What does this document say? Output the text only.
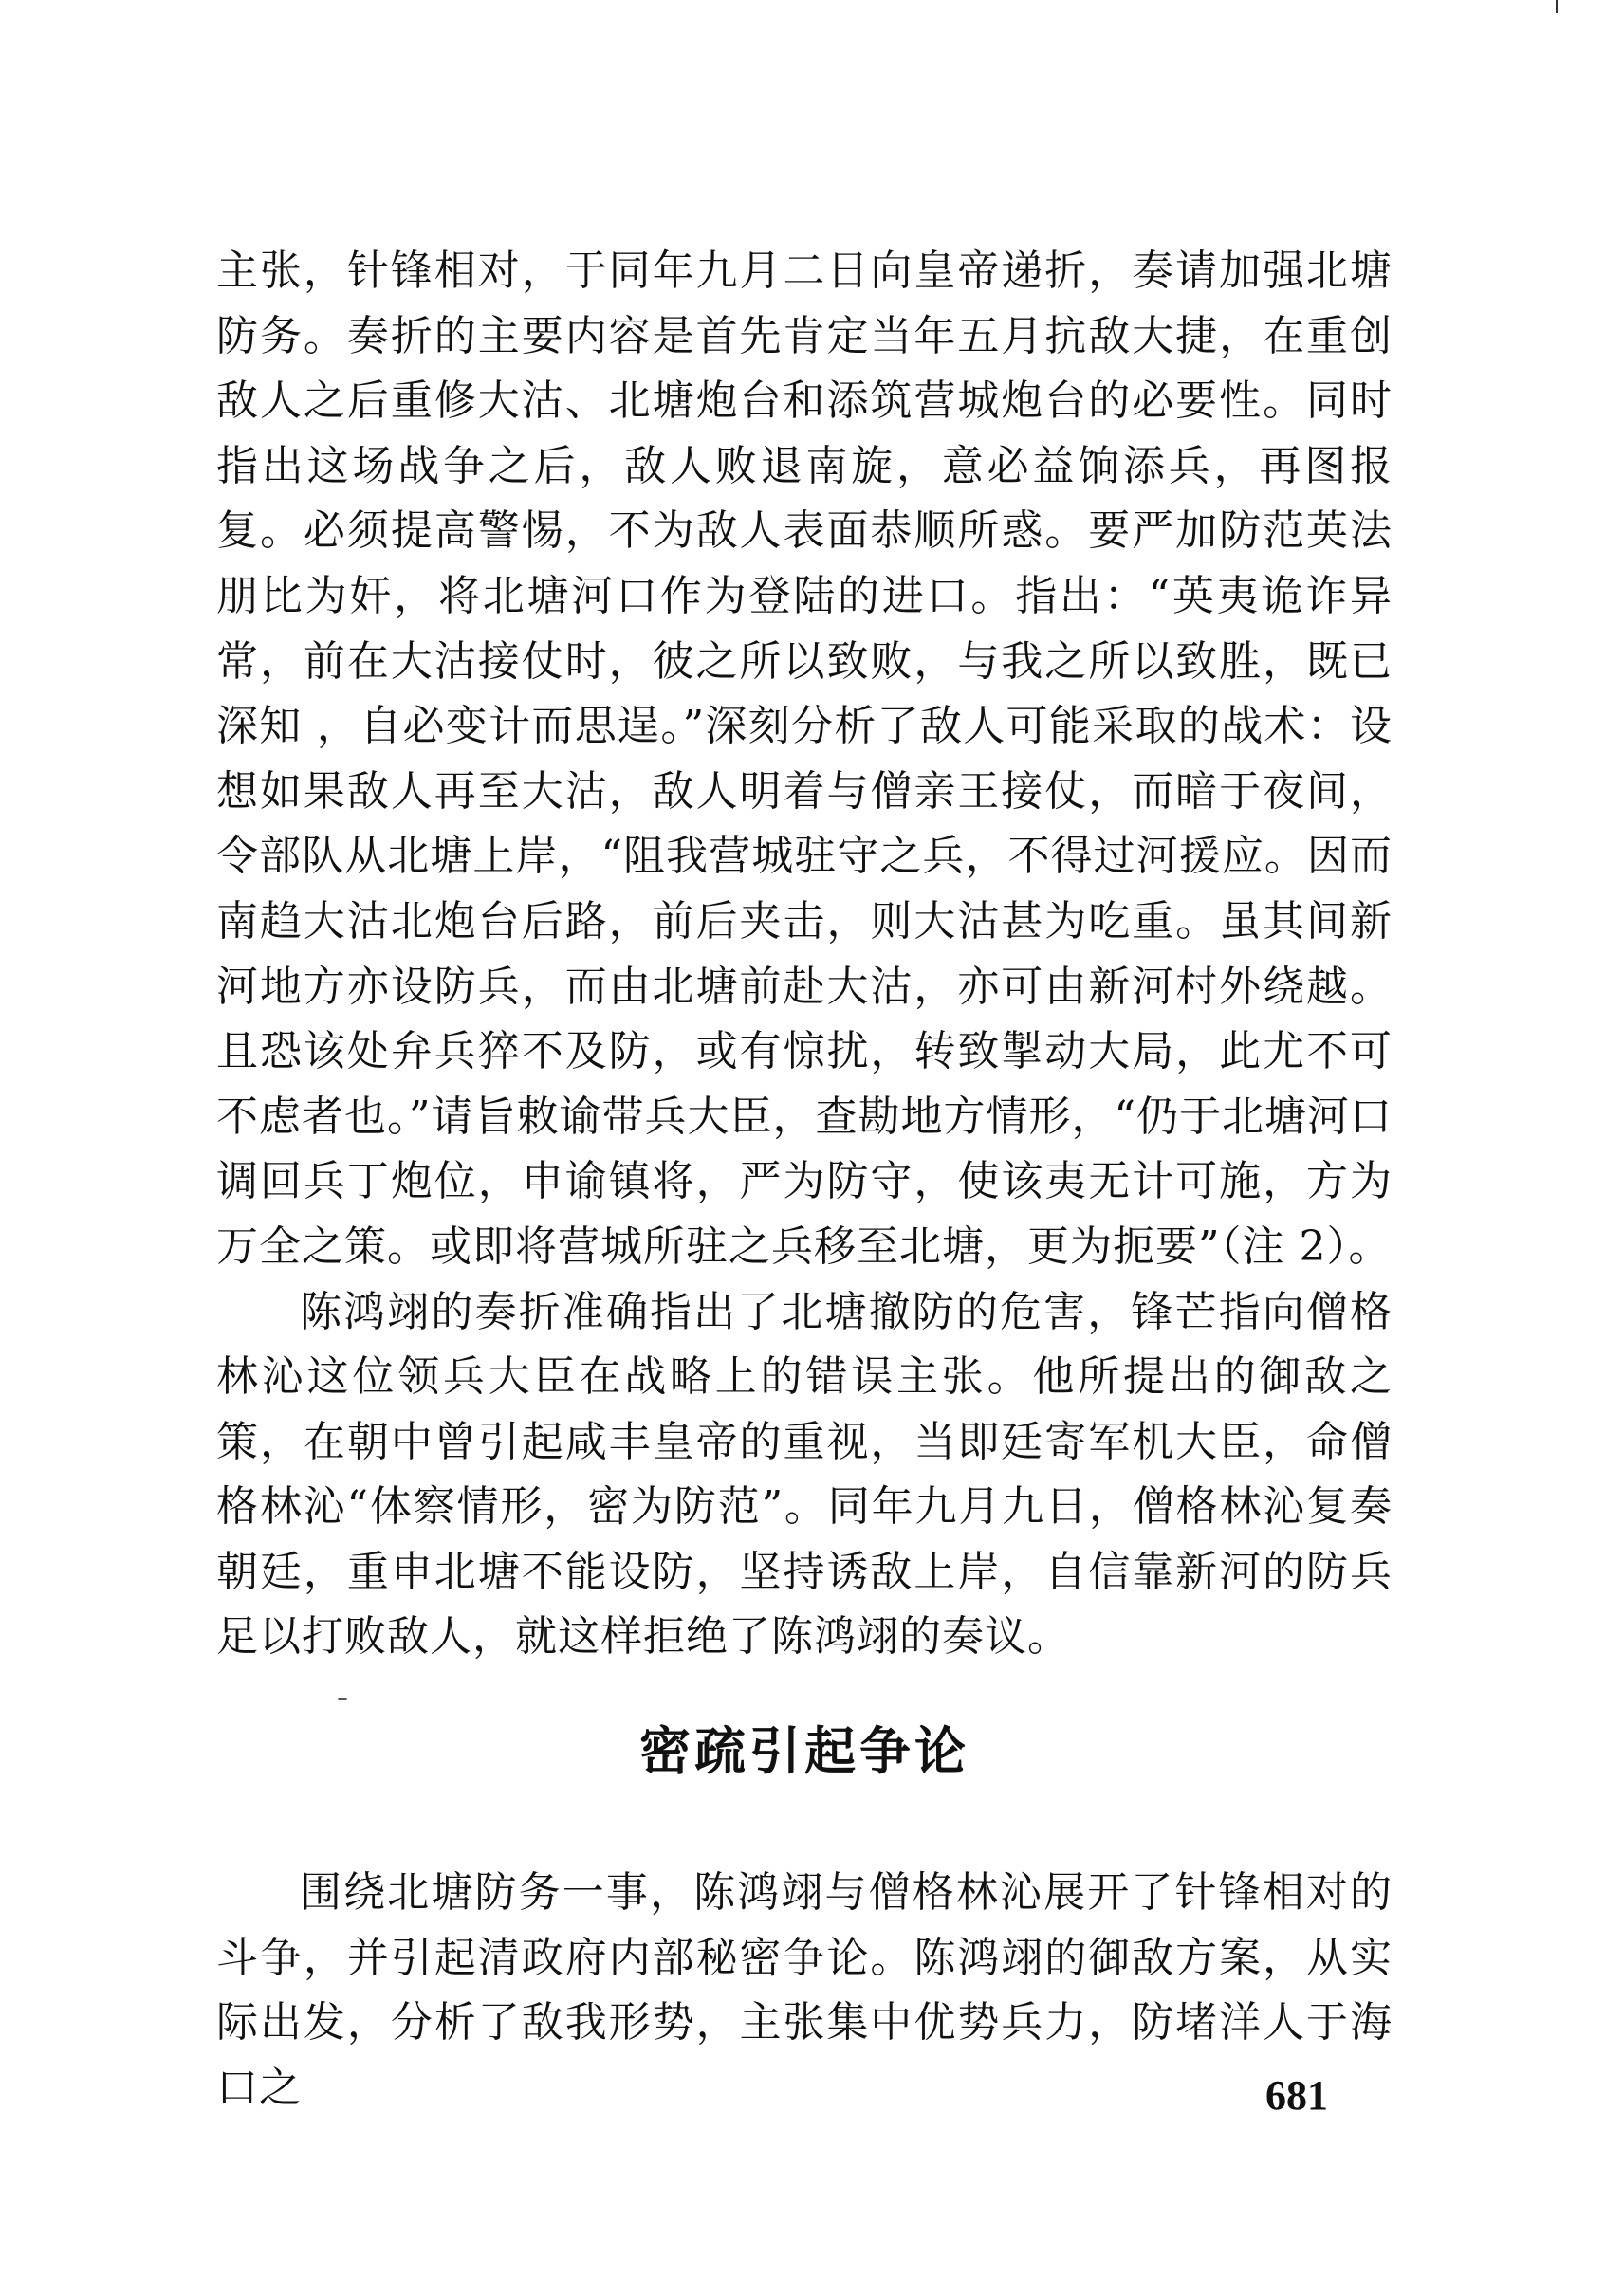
主张，针锋相对，于同年九月二日向皇帝递折，奏请加强北塘防务。奏折的主要内容是首先肯定当年五月抗敌大捷，在重创敌人之后重修大沽、北塘炮台和添筑营城炮台的必要性。同时指出这场战争之后，敌人败退南旋，意必益饷添兵，再图报复。必须提高警惕，不为敌人表面恭顺所惑。要严加防范英法朋比为奸，将北塘河口作为登陆的进口。指出：“英夷诡诈异常，前在大沽接仗时，彼之所以致败，与我之所以致胜，既已深知 ，自必变计而思逞。”深刻分析了敌人可能采取的战术：设想如果敌人再至大沽，敌人明着与僧亲王接仗，而暗于夜间，令部队从北塘上岸，“阻我营城驻守之兵，不得过河援应。因而南趋大沽北炮台后路，前后夹击，则大沽甚为吃重。虽其间新河地方亦设防兵，而由北塘前赴大沽，亦可由新河村外绕越。且恐该处弁兵猝不及防，或有惊扰，转致掣动大局，此尤不可不虑者也。”请旨敕谕带兵大臣，查勘地方情形，“仍于北塘河口调回兵丁炮位，申谕镇将，严为防守，使该夷无计可施，方为万全之策。或即将营城所驻之兵移至北塘，更为扼要”（注 2）。

陈鸿翊的奏折准确指出了北塘撤防的危害，锋芒指向僧格林沁这位领兵大臣在战略上的错误主张。他所提出的御敌之策，在朝中曾引起咸丰皇帝的重视，当即廷寄军机大臣，命僧格林沁“体察情形，密为防范”。同年九月九日，僧格林沁复奏朝廷，重申北塘不能设防，坚持诱敌上岸，自信靠新河的防兵足以打败敌人，就这样拒绝了陈鸿翊的奏议。

密疏引起争论

围绕北塘防务一事，陈鸿翊与僧格林沁展开了针锋相对的斗争，并引起清政府内部秘密争论。陈鸿翊的御敌方案，从实际出发，分析了敌我形势，主张集中优势兵力，防堵洋人于海口之	681
